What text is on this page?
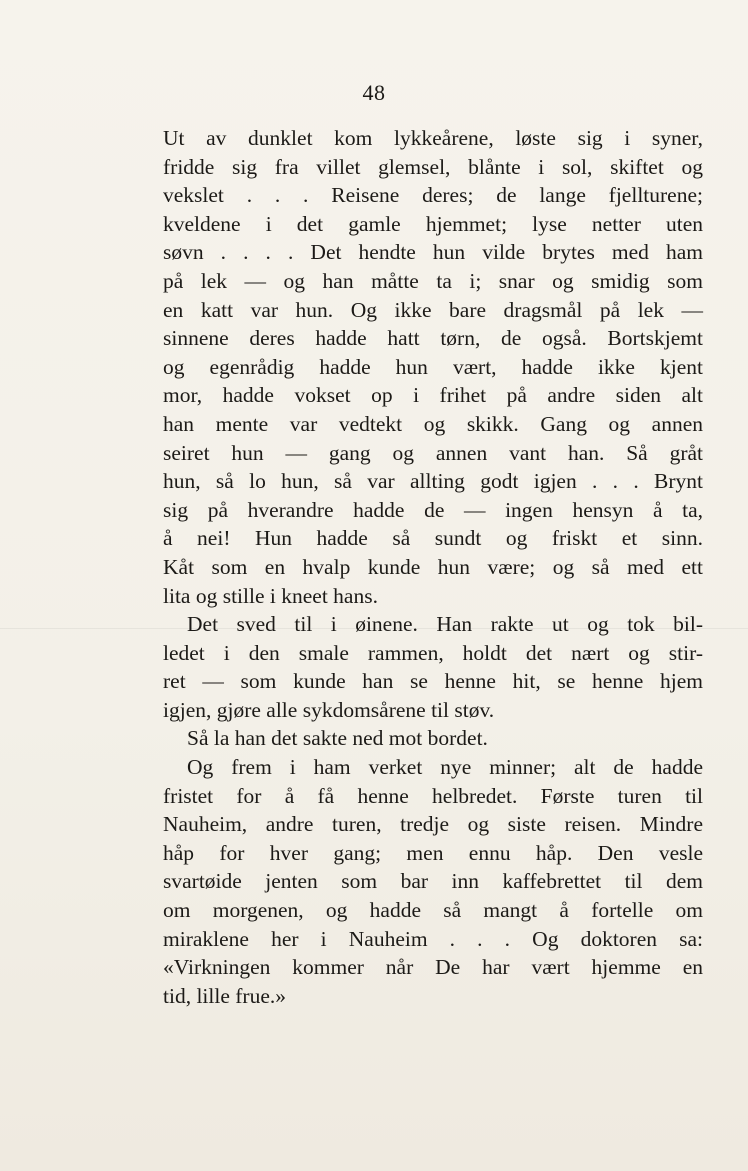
48
Ut av dunklet kom lykkeårene, løste sig i syner,
fridde sig fra villet glemsel, blånte i sol, skiftet og
vekslet . . . Reisene deres; de lange fjellturene;
kveldene i det gamle hjemmet; lyse netter uten
søvn . . . . Det hendte hun vilde brytes med ham
på lek — og han måtte ta i; snar og smidig som
en katt var hun. Og ikke bare dragsmål på lek —
sinnene deres hadde hatt tørn, de også. Bortskjemt
og egenrådig hadde hun vært, hadde ikke kjent
mor, hadde vokset op i frihet på andre siden alt
han mente var vedtekt og skikk. Gang og annen
seiret hun — gang og annen vant han. Så gråt
hun, så lo hun, så var allting godt igjen . . . Brynt
sig på hverandre hadde de — ingen hensyn å ta,
å nei! Hun hadde så sundt og friskt et sinn.
Kåt som en hvalp kunde hun være; og så med ett
lita og stille i kneet hans.
Det sved til i øinene. Han rakte ut og tok bil-
ledet i den smale rammen, holdt det nært og stir-
ret — som kunde han se henne hit, se henne hjem
igjen, gjøre alle sykdomsårene til støv.
Så la han det sakte ned mot bordet.
Og frem i ham verket nye minner; alt de hadde
fristet for å få henne helbredet. Første turen til
Nauheim, andre turen, tredje og siste reisen. Mindre
håp for hver gang; men ennu håp. Den vesle
svartøide jenten som bar inn kaffebrettet til dem
om morgenen, og hadde så mangt å fortelle om
miraklene her i Nauheim . . . Og doktoren sa:
«Virkningen kommer når De har vært hjemme en
tid, lille frue.»
